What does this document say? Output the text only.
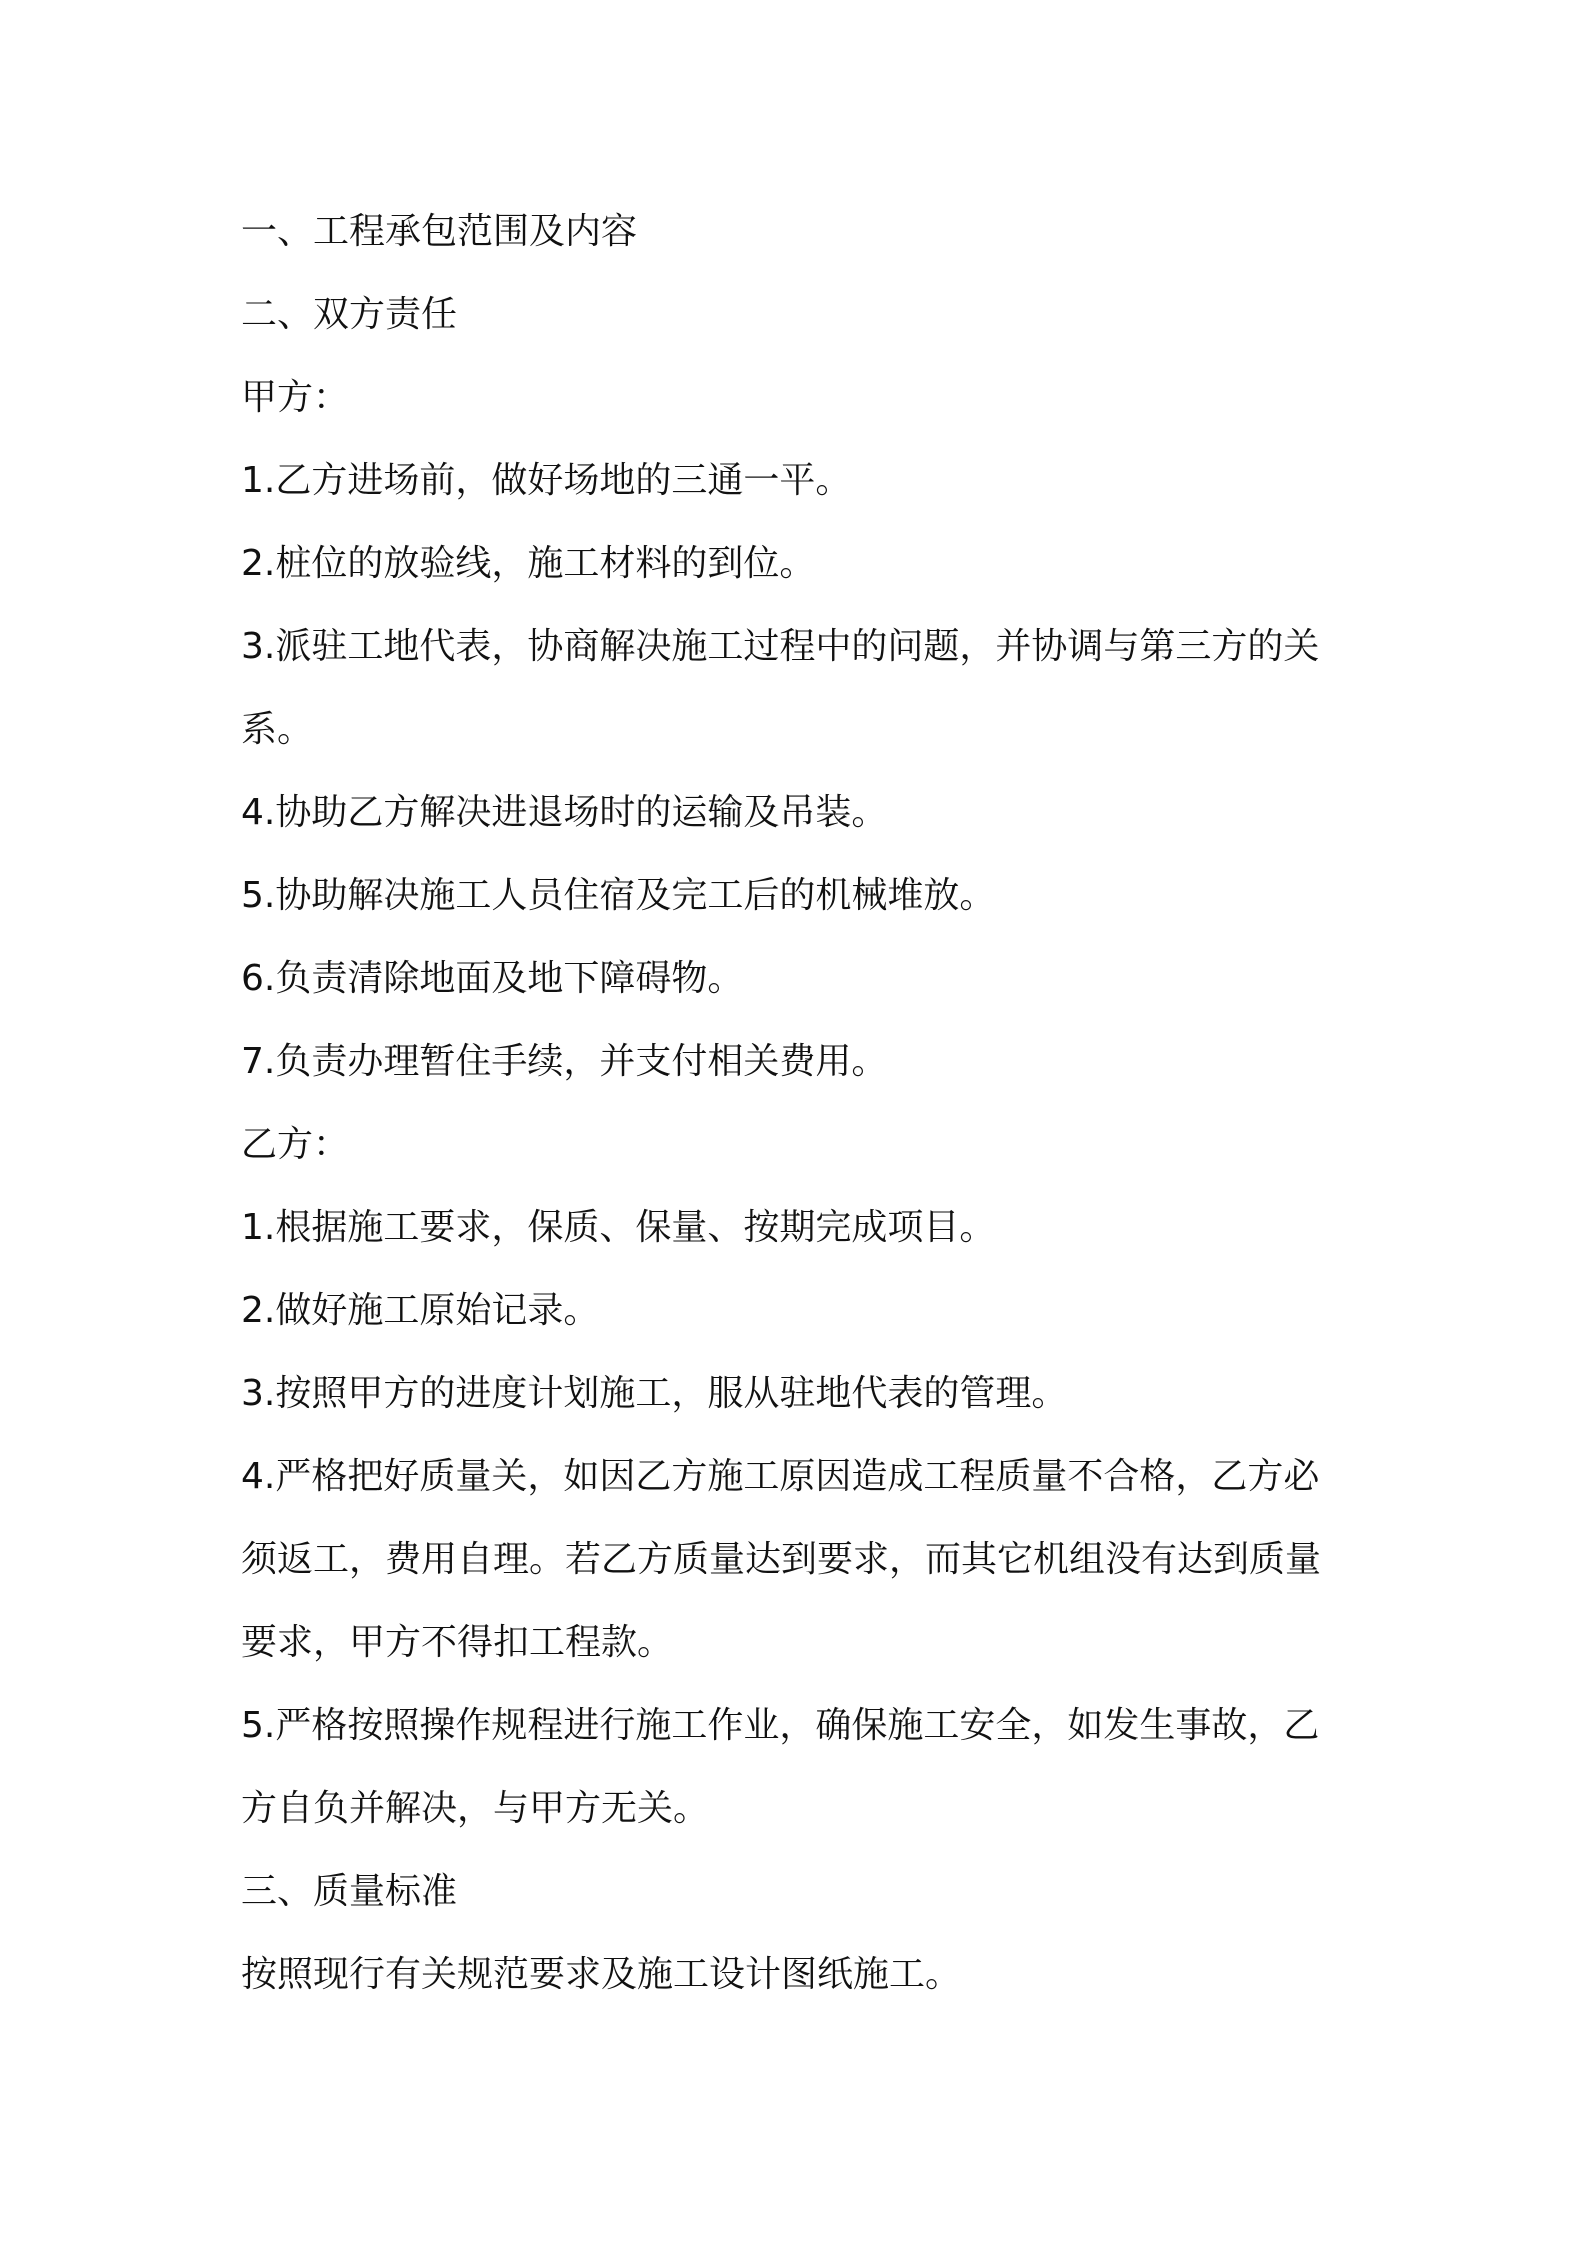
一、工程承包范围及内容
二、双方责任
甲方：
1.乙方进场前，做好场地的三通一平。
2.桩位的放验线，施工材料的到位。
3.派驻工地代表，协商解决施工过程中的问题，并协调与第三方的关
系。
4.协助乙方解决进退场时的运输及吊装。
5.协助解决施工人员住宿及完工后的机械堆放。
6.负责清除地面及地下障碍物。
7.负责办理暂住手续，并支付相关费用。
乙方：
1.根据施工要求，保质、保量、按期完成项目。
2.做好施工原始记录。
3.按照甲方的进度计划施工，服从驻地代表的管理。
4.严格把好质量关，如因乙方施工原因造成工程质量不合格，乙方必
须返工，费用自理。若乙方质量达到要求，而其它机组没有达到质量
要求，甲方不得扣工程款。
5.严格按照操作规程进行施工作业，确保施工安全，如发生事故，乙
方自负并解决，与甲方无关。
三、质量标准
按照现行有关规范要求及施工设计图纸施工。
